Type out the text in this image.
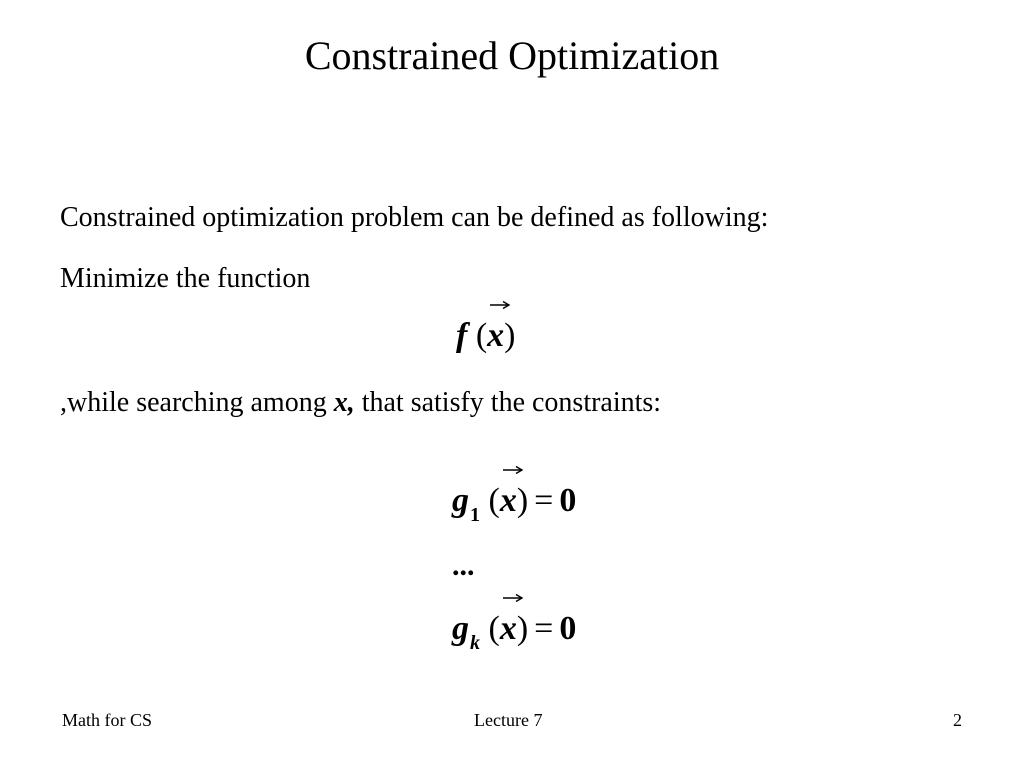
Constrained Optimization
Constrained optimization problem can be defined as following:
Minimize the function
f (
x)
,while searching among x, that satisfy the constraints:
$g_1$ (
x) = 0
...
$g_k$ (
x) = 0
Math for CS	Lecture 7	2
